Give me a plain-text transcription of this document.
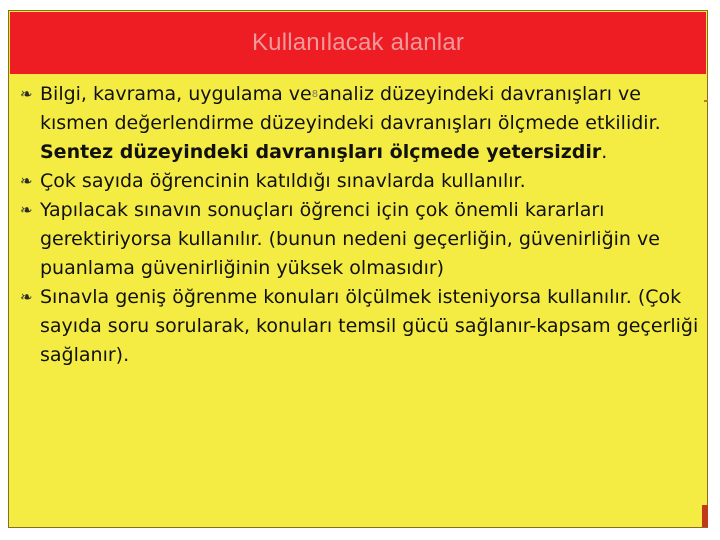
Kullanılacak alanlar
❧ Bilgi, kavrama, uygulama ve8analiz düzeyindeki davranışları ve kısmen değerlendirme düzeyindeki davranışları ölçmede etkilidir. Sentez düzeyindeki davranışları ölçmede yetersizdir.
❧ Çok sayıda öğrencinin katıldığı sınavlarda kullanılır.
❧ Yapılacak sınavın sonuçları öğrenci için çok önemli kararları gerektiriyorsa kullanılır. (bunun nedeni geçerliğin, güvenirliğin ve puanlama güvenirliğinin yüksek olmasıdır)
❧ Sınavla geniş öğrenme konuları ölçülmek isteniyorsa kullanılır. (Çok sayıda soru sorularak, konuları temsil gücü sağlanır-kapsam geçerliği sağlanır).
